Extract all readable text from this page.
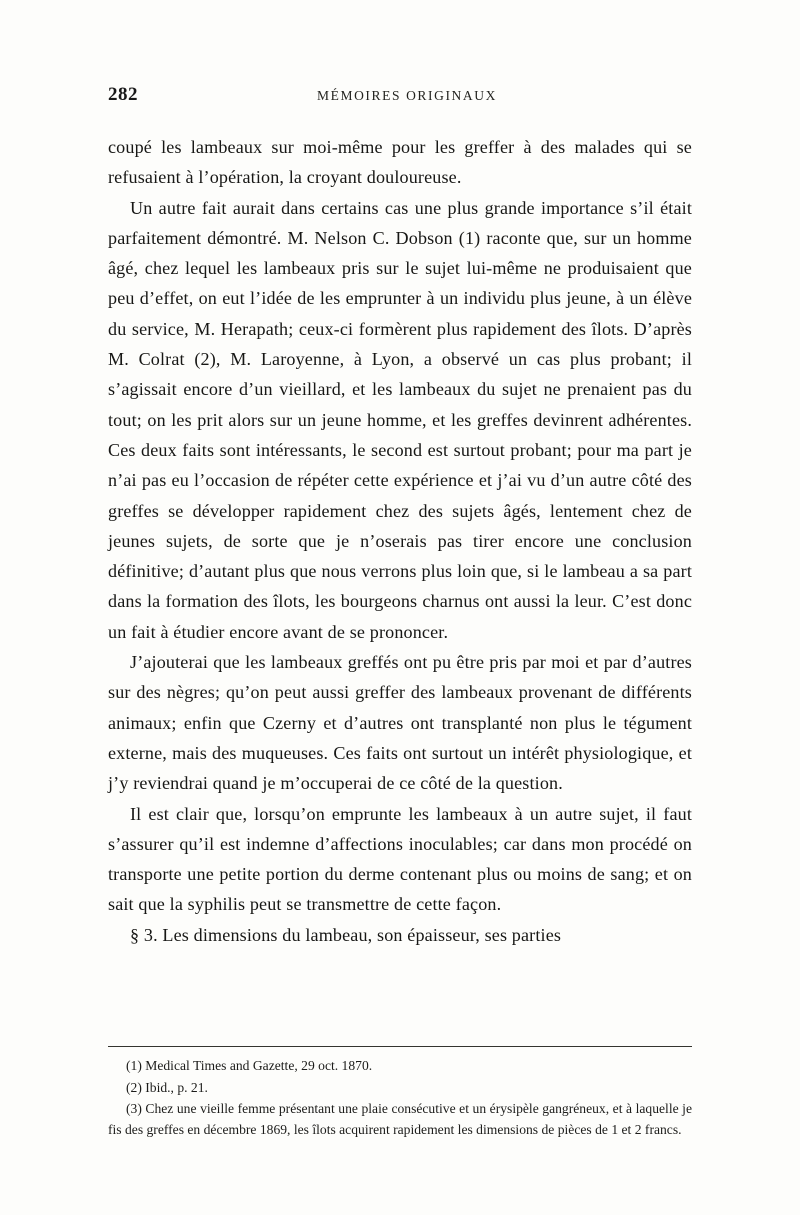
282	MÉMOIRES ORIGINAUX

coupé les lambeaux sur moi-même pour les greffer à des malades qui se refusaient à l’opération, la croyant douloureuse.

Un autre fait aurait dans certains cas une plus grande importance s’il était parfaitement démontré. M. Nelson C. Dobson (1) raconte que, sur un homme âgé, chez lequel les lambeaux pris sur le sujet lui-même ne produisaient que peu d’effet, on eut l’idée de les emprunter à un individu plus jeune, à un élève du service, M. Herapath; ceux-ci formèrent plus rapidement des îlots. D’après M. Colrat (2), M. Laroyenne, à Lyon, a observé un cas plus probant; il s’agissait encore d’un vieillard, et les lambeaux du sujet ne prenaient pas du tout; on les prit alors sur un jeune homme, et les greffes devinrent adhérentes. Ces deux faits sont intéressants, le second est surtout probant; pour ma part je n’ai pas eu l’occasion de répéter cette expérience et j’ai vu d’un autre côté des greffes se développer rapidement chez des sujets âgés, lentement chez de jeunes sujets, de sorte que je n’oserais pas tirer encore une conclusion définitive; d’autant plus que nous verrons plus loin que, si le lambeau a sa part dans la formation des îlots, les bourgeons charnus ont aussi la leur. C’est donc un fait à étudier encore avant de se prononcer.

J’ajouterai que les lambeaux greffés ont pu être pris par moi et par d’autres sur des nègres; qu’on peut aussi greffer des lambeaux provenant de différents animaux; enfin que Czerny et d’autres ont transplanté non plus le tégument externe, mais des muqueuses. Ces faits ont surtout un intérêt physiologique, et j’y reviendrai quand je m’occuperai de ce côté de la question.

Il est clair que, lorsqu’on emprunte les lambeaux à un autre sujet, il faut s’assurer qu’il est indemne d’affections inoculables; car dans mon procédé on transporte une petite portion du derme contenant plus ou moins de sang; et on sait que la syphilis peut se transmettre de cette façon.

§ 3. Les dimensions du lambeau, son épaisseur, ses parties

(1) Medical Times and Gazette, 29 oct. 1870.

(2) Ibid., p. 21.

(3) Chez une vieille femme présentant une plaie consécutive et un érysipèle gangréneux, et à laquelle je fis des greffes en décembre 1869, les îlots acquirent rapidement les dimensions de pièces de 1 et 2 francs.
